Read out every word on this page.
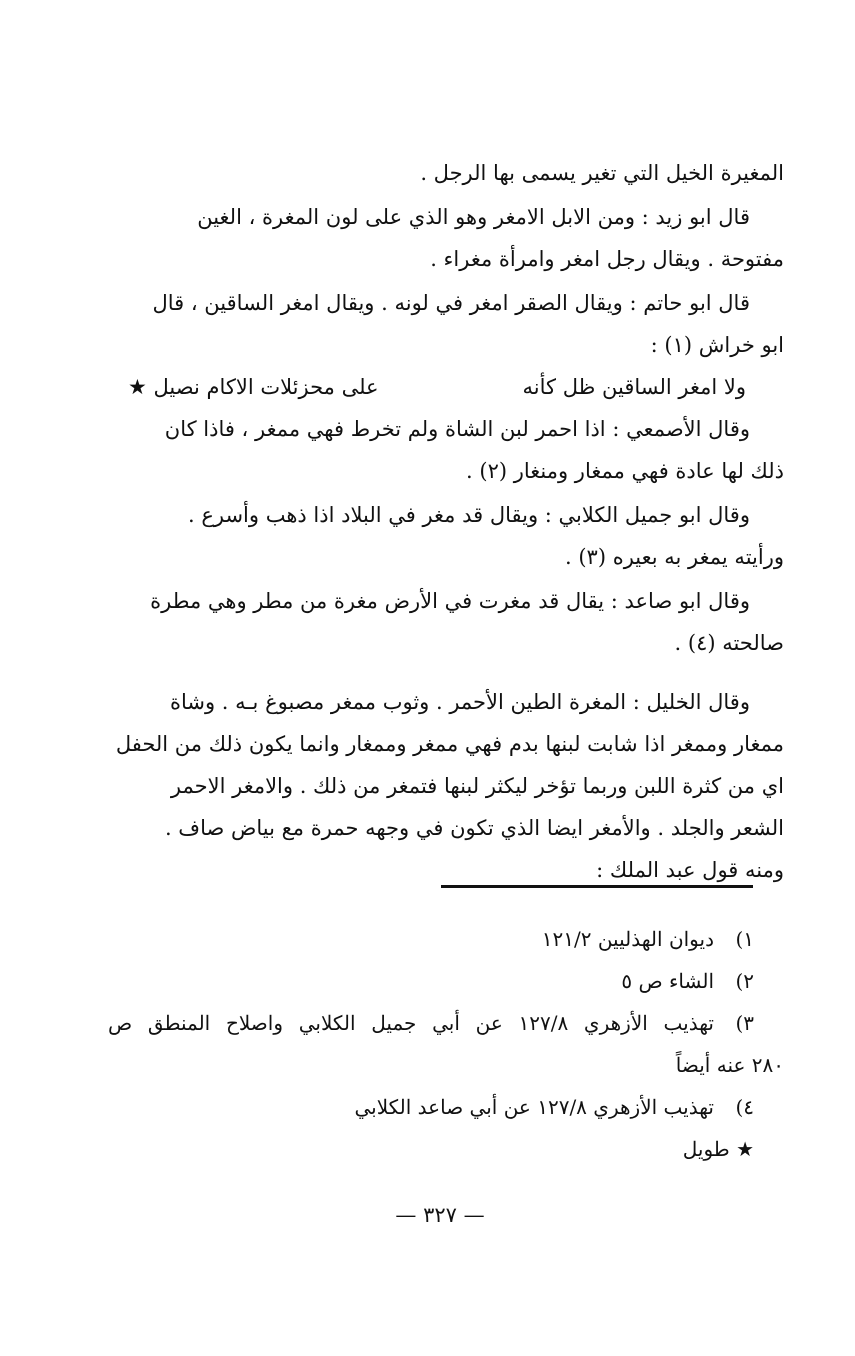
المغيرة الخيل التي تغير يسمى بها الرجل .

قال ابو زيد : ومن الابل الامغر وهو الذي على لون المغرة ، الغين

مفتوحة . ويقال رجل امغر وامرأة مغراء .

قال ابو حاتم : ويقال الصقر امغر في لونه . ويقال امغر الساقين ، قال

ابو خراش (١) :

ولا امغر الساقين ظل كأنه
على محزئلات الاكام نصيل ★

وقال الأصمعي : اذا احمر لبن الشاة ولم تخرط فهي ممغر ، فاذا كان

ذلك لها عادة فهي ممغار ومنغار (٢) .

وقال ابو جميل الكلابي : ويقال قد مغر في البلاد اذا ذهب وأسرع .

ورأيته يمغر به بعيره (٣) .

وقال ابو صاعد : يقال قد مغرت في الأرض مغرة من مطر وهي مطرة

صالحته (٤) .

وقال الخليل : المغرة الطين الأحمر . وثوب ممغر مصبوغ بـه . وشاة

ممغار وممغر اذا شابت لبنها بدم فهي ممغر وممغار وانما يكون ذلك من الحفل

اي من كثرة اللبن وربما تؤخر ليكثر لبنها فتمغر من ذلك . والامغر الاحمر

الشعر والجلد . والأمغر ايضا الذي تكون في وجهه حمرة مع بياض صاف .

ومنه قول عبد الملك :

١)
ديوان الهذليين ١٢١/٢
٢)
الشاء ص ٥
٣)
تهذيب الأزهري ١٢٧/٨ عن أبي جميل الكلابي واصلاح المنطق ص
٢٨٠ عنه أيضاً
٤)
تهذيب الأزهري ١٢٧/٨ عن أبي صاعد الكلابي
★ طويل
— ٣٢٧ —
